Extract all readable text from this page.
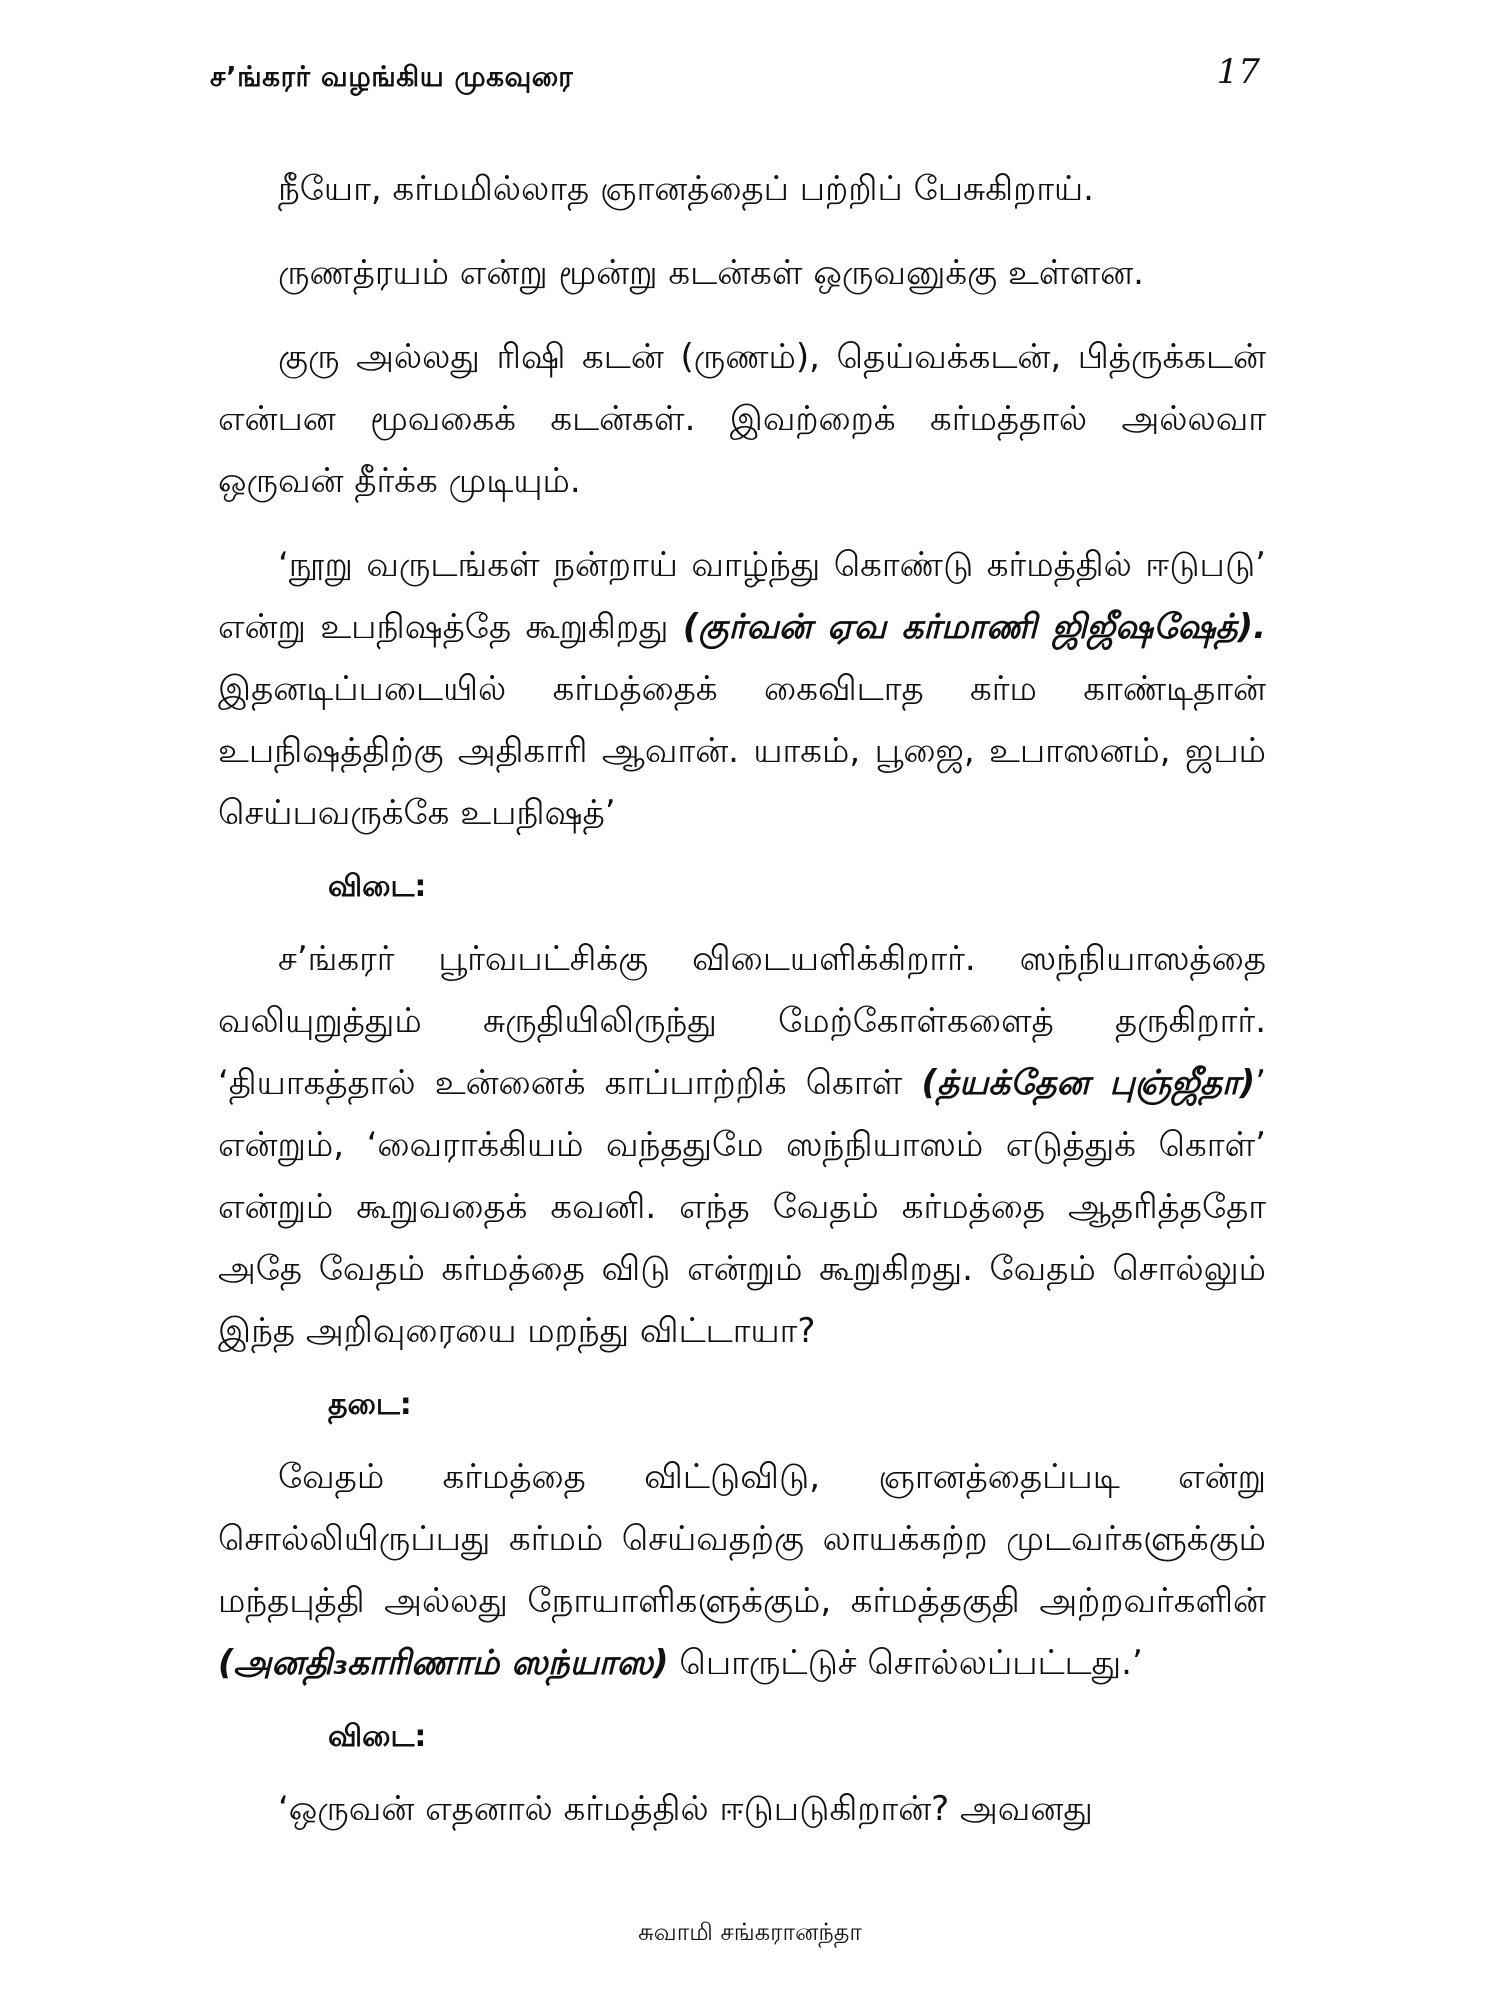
ச’ங்கரர் வழங்கிய முகவுரை	17

நீயோ, கர்மமில்லாத ஞானத்தைப் பற்றிப் பேசுகிறாய்.

ருணத்ரயம் என்று மூன்று கடன்கள் ஒருவனுக்கு உள்ளன.

குரு அல்லது ரிஷி கடன் (ருணம்), தெய்வக்கடன், பித்ருக்கடன் என்பன மூவகைக் கடன்கள். இவற்றைக் கர்மத்தால் அல்லவா ஒருவன் தீர்க்க முடியும்.

‘நூறு வருடங்கள் நன்றாய் வாழ்ந்து கொண்டு கர்மத்தில் ஈடுபடு’ என்று உபநிஷத்தே கூறுகிறது (குர்வன் ஏவ கர்மாணி ஜிஜீஷஷேத்). இதனடிப்படையில் கர்மத்தைக் கைவிடாத கர்ம காண்டிதான் உபநிஷத்திற்கு அதிகாரி ஆவான். யாகம், பூஜை, உபாஸனம், ஜபம் செய்பவருக்கே உபநிஷத்’

விடை:

ச’ங்கரர் பூர்வபட்சிக்கு விடையளிக்கிறார். ஸந்நியாஸத்தை வலியுறுத்தும் சுருதியிலிருந்து மேற்கோள்களைத் தருகிறார். ‘தியாகத்தால் உன்னைக் காப்பாற்றிக் கொள் (த்யக்தேன புஞ்ஜீதா)’ என்றும், ‘வைராக்கியம் வந்ததுமே ஸந்நியாஸம் எடுத்துக் கொள்’ என்றும் கூறுவதைக் கவனி. எந்த வேதம் கர்மத்தை ஆதரித்ததோ அதே வேதம் கர்மத்தை விடு என்றும் கூறுகிறது. வேதம் சொல்லும் இந்த அறிவுரையை மறந்து விட்டாயா?

தடை:

வேதம் கர்மத்தை விட்டுவிடு, ஞானத்தைப்படி என்று சொல்லியிருப்பது கர்மம் செய்வதற்கு லாயக்கற்ற முடவர்களுக்கும் மந்தபுத்தி அல்லது நோயாளிகளுக்கும், கர்மத்தகுதி அற்றவர்களின் (அனதி₃காரிணாம் ஸந்யாஸ) பொருட்டுச் சொல்லப்பட்டது.’

விடை:

‘ஒருவன் எதனால் கர்மத்தில் ஈடுபடுகிறான்? அவனது

சுவாமி சங்கரானந்தா
